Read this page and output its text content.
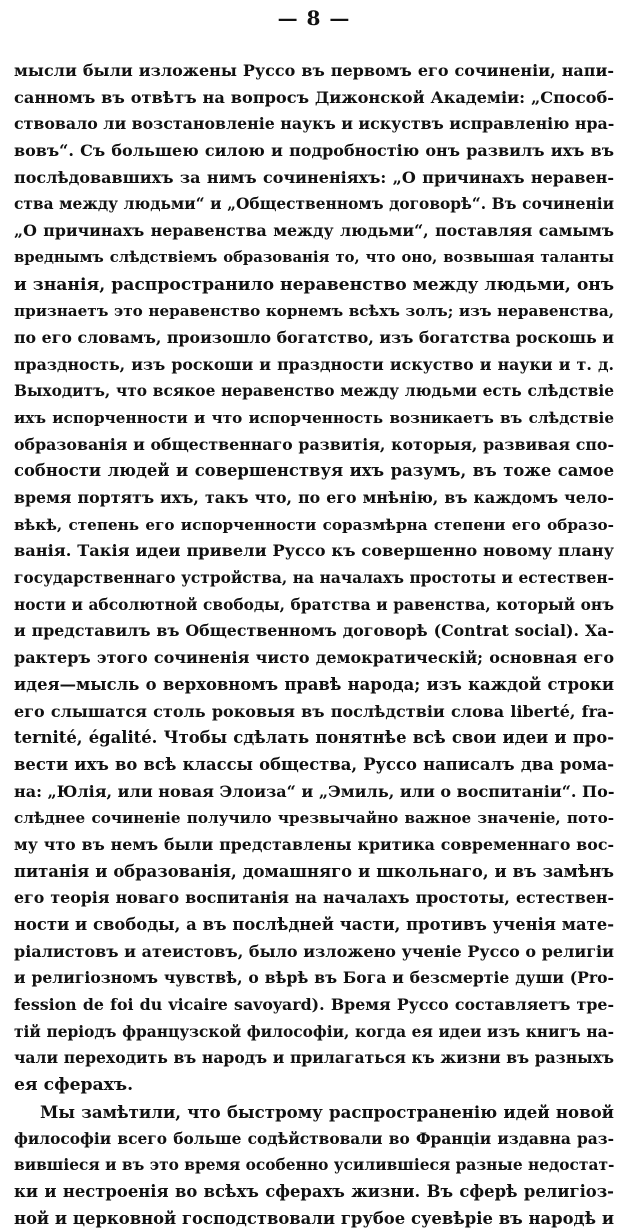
— 8 —
мысли были изложены Руссо въ первомъ его сочиненіи, напи-
санномъ въ отвѣтъ на вопросъ Дижонской Академіи: „Способ-
ствовало ли возстановленіе наукъ и искуствъ исправленію нра-
вовъ“. Съ большею силою и подробностію онъ развилъ ихъ въ
послѣдовавшихъ за нимъ сочиненіяхъ: „О причинахъ неравен-
ства между людьми“ и „Общественномъ договорѣ“. Въ сочиненіи
„О причинахъ неравенства между людьми“, поставляя самымъ
вреднымъ слѣдствіемъ образованія то, что оно, возвышая таланты
и знанія, распространило неравенство между людьми, онъ
признаетъ это неравенство корнемъ всѣхъ золъ; изъ неравенства,
по его словамъ, произошло богатство, изъ богатства роскошь и
праздность, изъ роскоши и праздности искуство и науки и т. д.
Выходитъ, что всякое неравенство между людьми есть слѣдствіе
ихъ испорченности и что испорченность возникаетъ въ слѣдствіе
образованія и общественнаго развитія, которыя, развивая спо-
собности людей и совершенствуя ихъ разумъ, въ тоже самое
время портятъ ихъ, такъ что, по его мнѣнію, въ каждомъ чело-
вѣкѣ, степень его испорченности соразмѣрна степени его образо-
ванія. Такія идеи привели Руссо къ совершенно новому плану
государственнаго устройства, на началахъ простоты и естествен-
ности и абсолютной свободы, братства и равенства, который онъ
и представилъ въ Общественномъ договорѣ (Contrat social). Ха-
рактеръ этого сочиненія чисто демократическій; основная его
идея—мысль о верховномъ правѣ народа; изъ каждой строки
его слышатся столь роковыя въ послѣдствіи слова liberté, fra-
ternité, égalité. Чтобы сдѣлать понятнѣе всѣ свои идеи и про-
вести ихъ во всѣ классы общества, Руссо написалъ два рома-
на: „Юлія, или новая Элоиза“ и „Эмиль, или о воспитаніи“. По-
слѣднее сочиненіе получило чрезвычайно важное значеніе, пото-
му что въ немъ были представлены критика современнаго вос-
питанія и образованія, домашняго и школьнаго, и въ замѣнъ
его теорія новаго воспитанія на началахъ простоты, естествен-
ности и свободы, а въ послѣдней части, противъ ученія мате-
ріалистовъ и атеистовъ, было изложено ученіе Руссо о религіи
и религіозномъ чувствѣ, о вѣрѣ въ Бога и безсмертіе души (Pro-
fession de foi du vicaire savoyard). Время Руссо составляетъ тре-
тій періодъ французской философіи, когда ея идеи изъ книгъ на-
чали переходить въ народъ и прилагаться къ жизни въ разныхъ
ея сферахъ.
Мы замѣтили, что быстрому распространенію идей новой
философіи всего больше содѣйствовали во Франціи издавна раз-
вившіеся и въ это время особенно усилившіеся разные недостат-
ки и нестроенія во всѣхъ сферахъ жизни. Въ сферѣ религіоз-
ной и церковной господствовали грубое суевѣріе въ народѣ и
